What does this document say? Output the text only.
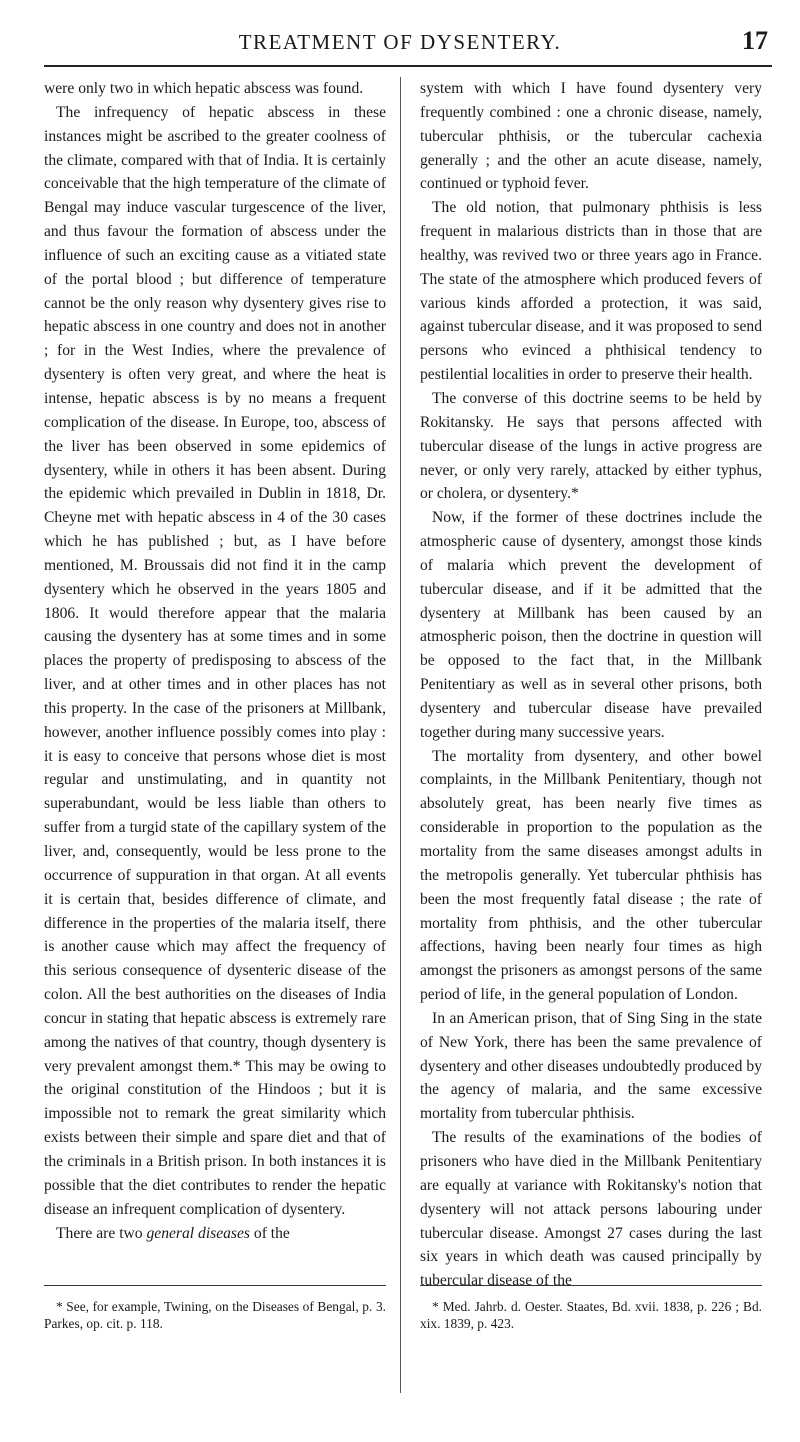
TREATMENT OF DYSENTERY.	17

were only two in which hepatic abscess was found.

The infrequency of hepatic abscess in these instances might be ascribed to the greater coolness of the climate, compared with that of India. It is certainly conceivable that the high temperature of the climate of Bengal may induce vascular turgescence of the liver, and thus favour the formation of abscess under the influence of such an exciting cause as a vitiated state of the portal blood ; but difference of temperature cannot be the only reason why dysentery gives rise to hepatic abscess in one country and does not in another ; for in the West Indies, where the prevalence of dysentery is often very great, and where the heat is intense, hepatic abscess is by no means a frequent complication of the disease. In Europe, too, abscess of the liver has been observed in some epidemics of dysentery, while in others it has been absent. During the epidemic which prevailed in Dublin in 1818, Dr. Cheyne met with hepatic abscess in 4 of the 30 cases which he has published ; but, as I have before mentioned, M. Broussais did not find it in the camp dysentery which he observed in the years 1805 and 1806. It would therefore appear that the malaria causing the dysentery has at some times and in some places the property of predisposing to abscess of the liver, and at other times and in other places has not this property. In the case of the prisoners at Millbank, however, another influence possibly comes into play : it is easy to conceive that persons whose diet is most regular and unstimulating, and in quantity not superabundant, would be less liable than others to suffer from a turgid state of the capillary system of the liver, and, consequently, would be less prone to the occurrence of suppuration in that organ. At all events it is certain that, besides difference of climate, and difference in the properties of the malaria itself, there is another cause which may affect the frequency of this serious consequence of dysenteric disease of the colon. All the best authorities on the diseases of India concur in stating that hepatic abscess is extremely rare among the natives of that country, though dysentery is very prevalent amongst them.* This may be owing to the original constitution of the Hindoos ; but it is impossible not to remark the great similarity which exists between their simple and spare diet and that of the criminals in a British prison. In both instances it is possible that the diet contributes to render the hepatic disease an infrequent complication of dysentery.

There are two general diseases of the

system with which I have found dysentery very frequently combined : one a chronic disease, namely, tubercular phthisis, or the tubercular cachexia generally ; and the other an acute disease, namely, continued or typhoid fever.

The old notion, that pulmonary phthisis is less frequent in malarious districts than in those that are healthy, was revived two or three years ago in France. The state of the atmosphere which produced fevers of various kinds afforded a protection, it was said, against tubercular disease, and it was proposed to send persons who evinced a phthisical tendency to pestilential localities in order to preserve their health.

The converse of this doctrine seems to be held by Rokitansky. He says that persons affected with tubercular disease of the lungs in active progress are never, or only very rarely, attacked by either typhus, or cholera, or dysentery.*

Now, if the former of these doctrines include the atmospheric cause of dysentery, amongst those kinds of malaria which prevent the development of tubercular disease, and if it be admitted that the dysentery at Millbank has been caused by an atmospheric poison, then the doctrine in question will be opposed to the fact that, in the Millbank Penitentiary as well as in several other prisons, both dysentery and tubercular disease have prevailed together during many successive years.

The mortality from dysentery, and other bowel complaints, in the Millbank Penitentiary, though not absolutely great, has been nearly five times as considerable in proportion to the population as the mortality from the same diseases amongst adults in the metropolis generally. Yet tubercular phthisis has been the most frequently fatal disease ; the rate of mortality from phthisis, and the other tubercular affections, having been nearly four times as high amongst the prisoners as amongst persons of the same period of life, in the general population of London.

In an American prison, that of Sing Sing in the state of New York, there has been the same prevalence of dysentery and other diseases undoubtedly produced by the agency of malaria, and the same excessive mortality from tubercular phthisis.

The results of the examinations of the bodies of prisoners who have died in the Millbank Penitentiary are equally at variance with Rokitansky's notion that dysentery will not attack persons labouring under tubercular disease. Amongst 27 cases during the last six years in which death was caused principally by tubercular disease of the

* See, for example, Twining, on the Diseases of Bengal, p. 3. Parkes, op. cit. p. 118.

* Med. Jahrb. d. Oester. Staates, Bd. xvii. 1838, p. 226 ; Bd. xix. 1839, p. 423.
